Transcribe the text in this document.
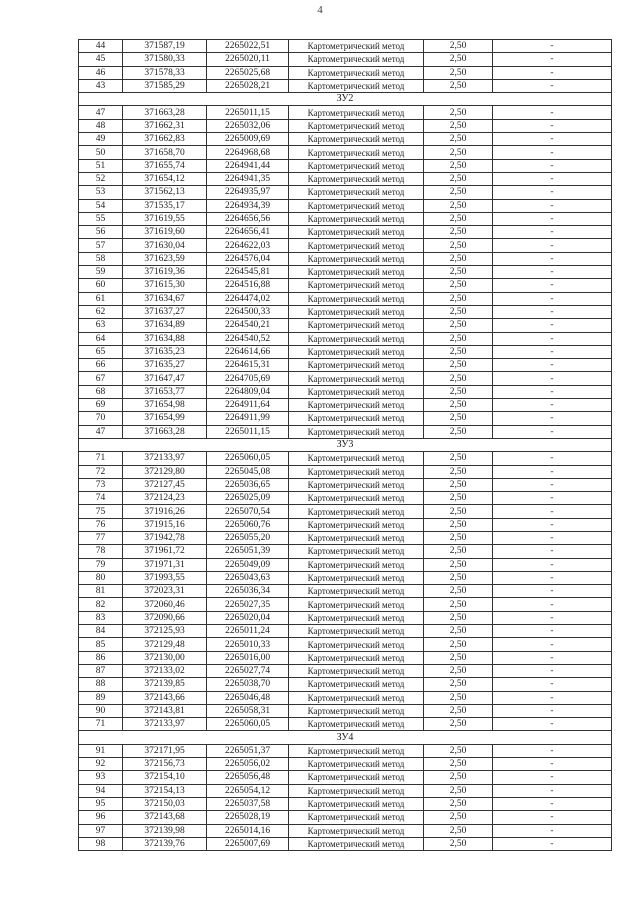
4
44	371587,19	2265022,51	Картометрический метод	2,50	-
45	371580,33	2265020,11	Картометрический метод	2,50	-
46	371578,33	2265025,68	Картометрический метод	2,50	-
43	371585,29	2265028,21	Картометрический метод	2,50	-
ЗУ2					
47	371663,28	2265011,15	Картометрический метод	2,50	-
48	371662,31	2265032,06	Картометрический метод	2,50	-
49	371662,83	2265009,69	Картометрический метод	2,50	-
50	371658,70	2264968,68	Картометрический метод	2,50	-
51	371655,74	2264941,44	Картометрический метод	2,50	-
52	371654,12	2264941,35	Картометрический метод	2,50	-
53	371562,13	2264935,97	Картометрический метод	2,50	-
54	371535,17	2264934,39	Картометрический метод	2,50	-
55	371619,55	2264656,56	Картометрический метод	2,50	-
56	371619,60	2264656,41	Картометрический метод	2,50	-
57	371630,04	2264622,03	Картометрический метод	2,50	-
58	371623,59	2264576,04	Картометрический метод	2,50	-
59	371619,36	2264545,81	Картометрический метод	2,50	-
60	371615,30	2264516,88	Картометрический метод	2,50	-
61	371634,67	2264474,02	Картометрический метод	2,50	-
62	371637,27	2264500,33	Картометрический метод	2,50	-
63	371634,89	2264540,21	Картометрический метод	2,50	-
64	371634,88	2264540,52	Картометрический метод	2,50	-
65	371635,23	2264614,66	Картометрический метод	2,50	-
66	371635,27	2264615,31	Картометрический метод	2,50	-
67	371647,47	2264705,69	Картометрический метод	2,50	-
68	371653,77	2264809,04	Картометрический метод	2,50	-
69	371654,98	2264911,64	Картометрический метод	2,50	-
70	371654,99	2264911,99	Картометрический метод	2,50	-
47	371663,28	2265011,15	Картометрический метод	2,50	-
ЗУ3					
71	372133,97	2265060,05	Картометрический метод	2,50	-
72	372129,80	2265045,08	Картометрический метод	2,50	-
73	372127,45	2265036,65	Картометрический метод	2,50	-
74	372124,23	2265025,09	Картометрический метод	2,50	-
75	371916,26	2265070,54	Картометрический метод	2,50	-
76	371915,16	2265060,76	Картометрический метод	2,50	-
77	371942,78	2265055,20	Картометрический метод	2,50	-
78	371961,72	2265051,39	Картометрический метод	2,50	-
79	371971,31	2265049,09	Картометрический метод	2,50	-
80	371993,55	2265043,63	Картометрический метод	2,50	-
81	372023,31	2265036,34	Картометрический метод	2,50	-
82	372060,46	2265027,35	Картометрический метод	2,50	-
83	372090,66	2265020,04	Картометрический метод	2,50	-
84	372125,93	2265011,24	Картометрический метод	2,50	-
85	372129,48	2265010,33	Картометрический метод	2,50	-
86	372130,00	2265016,00	Картометрический метод	2,50	-
87	372133,02	2265027,74	Картометрический метод	2,50	-
88	372139,85	2265038,70	Картометрический метод	2,50	-
89	372143,66	2265046,48	Картометрический метод	2,50	-
90	372143,81	2265058,31	Картометрический метод	2,50	-
71	372133,97	2265060,05	Картометрический метод	2,50	-
ЗУ4					
91	372171,95	2265051,37	Картометрический метод	2,50	-
92	372156,73	2265056,02	Картометрический метод	2,50	-
93	372154,10	2265056,48	Картометрический метод	2,50	-
94	372154,13	2265054,12	Картометрический метод	2,50	-
95	372150,03	2265037,58	Картометрический метод	2,50	-
96	372143,68	2265028,19	Картометрический метод	2,50	-
97	372139,98	2265014,16	Картометрический метод	2,50	-
98	372139,76	2265007,69	Картометрический метод	2,50	-
